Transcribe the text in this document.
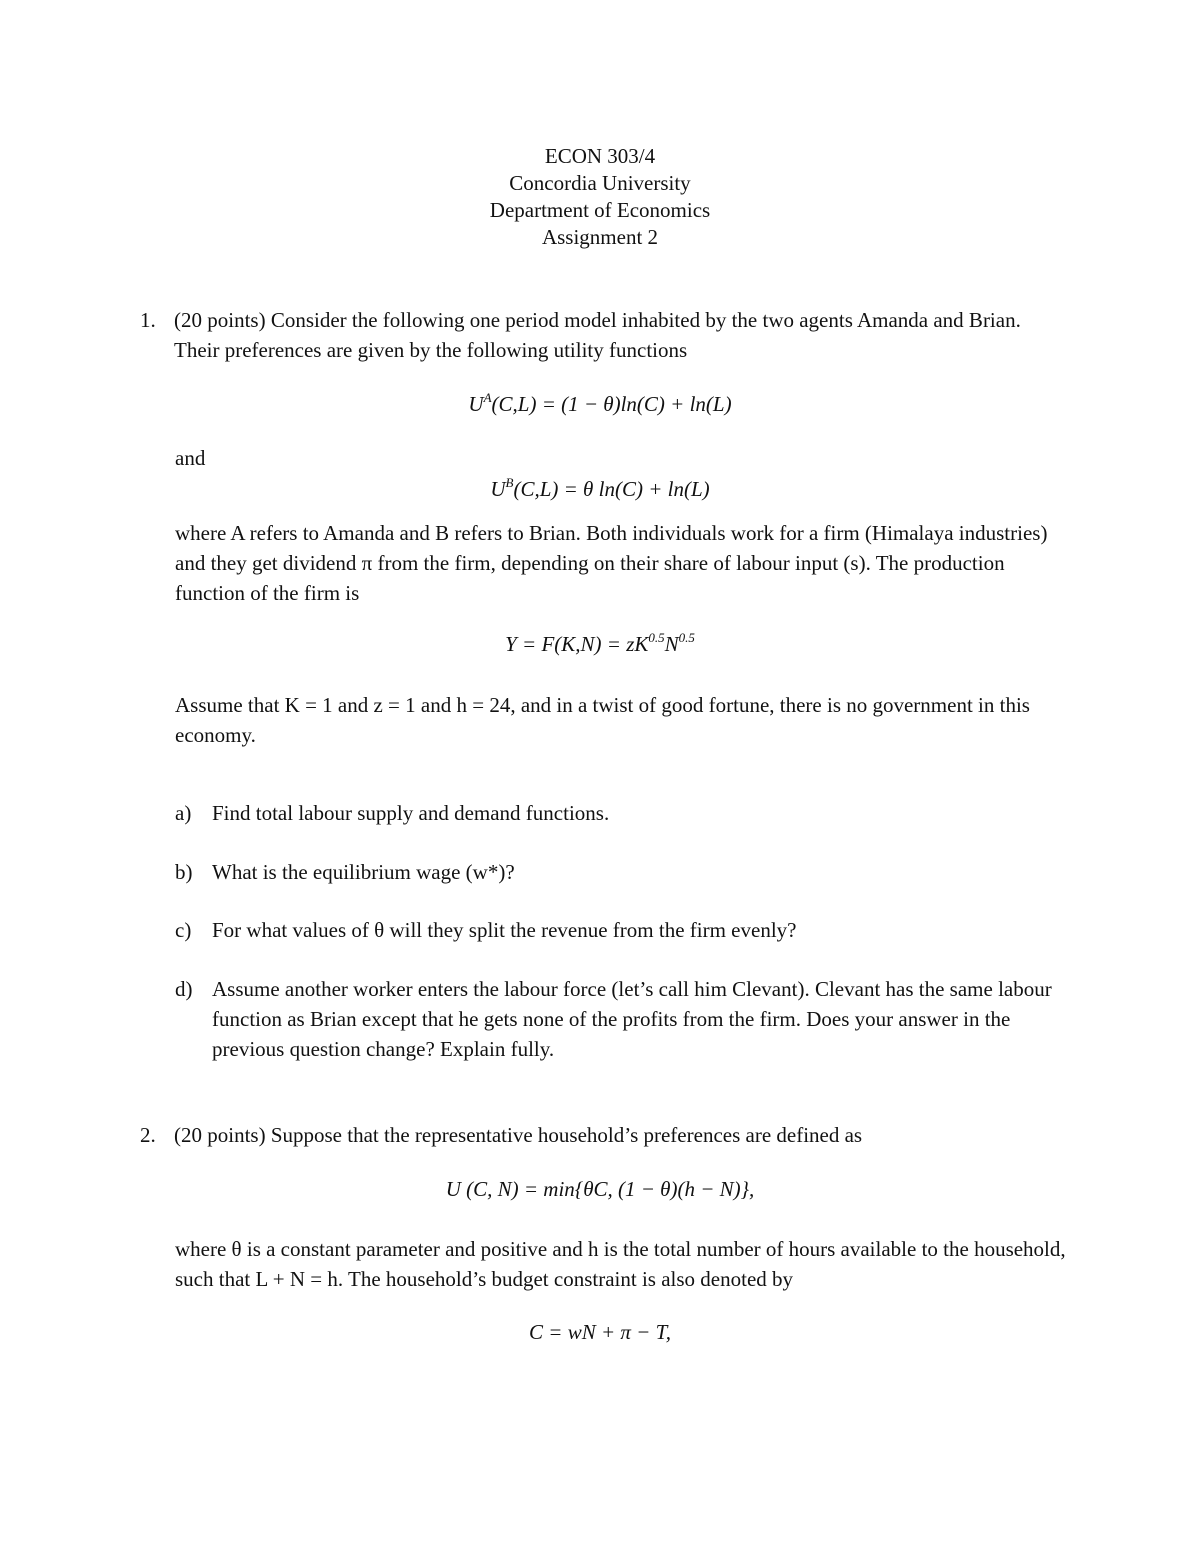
ECON 303/4
Concordia University
Department of Economics
Assignment 2
1. (20 points) Consider the following one period model inhabited by the two agents Amanda and Brian. Their preferences are given by the following utility functions
$U^A(C,L) = (1 - \theta)\ln(C) + \ln(L)$
and
$U^B(C,L) = \theta$ ln(C) + ln(L)
where A refers to Amanda and B refers to Brian. Both individuals work for a firm (Himalaya industries) and they get dividend π from the firm, depending on their share of labour input (s). The production function of the firm is
$Y = F(K,N) = zK^{0.5}N^{0.5}$
Assume that K = 1 and z = 1 and h = 24, and in a twist of good fortune, there is no government in this economy.
a) Find total labour supply and demand functions.
b) What is the equilibrium wage (w*)?
c) For what values of θ will they split the revenue from the firm evenly?
d) Assume another worker enters the labour force (let’s call him Clevant). Clevant has the same labour function as Brian except that he gets none of the profits from the firm. Does your answer in the previous question change? Explain fully.
2. (20 points) Suppose that the representative household’s preferences are defined as
U (C, N) = min{θC, (1 − θ)(h − N)},
where θ is a constant parameter and positive and h is the total number of hours available to the household, such that L + N = h. The household’s budget constraint is also denoted by
C = wN + π − T,
